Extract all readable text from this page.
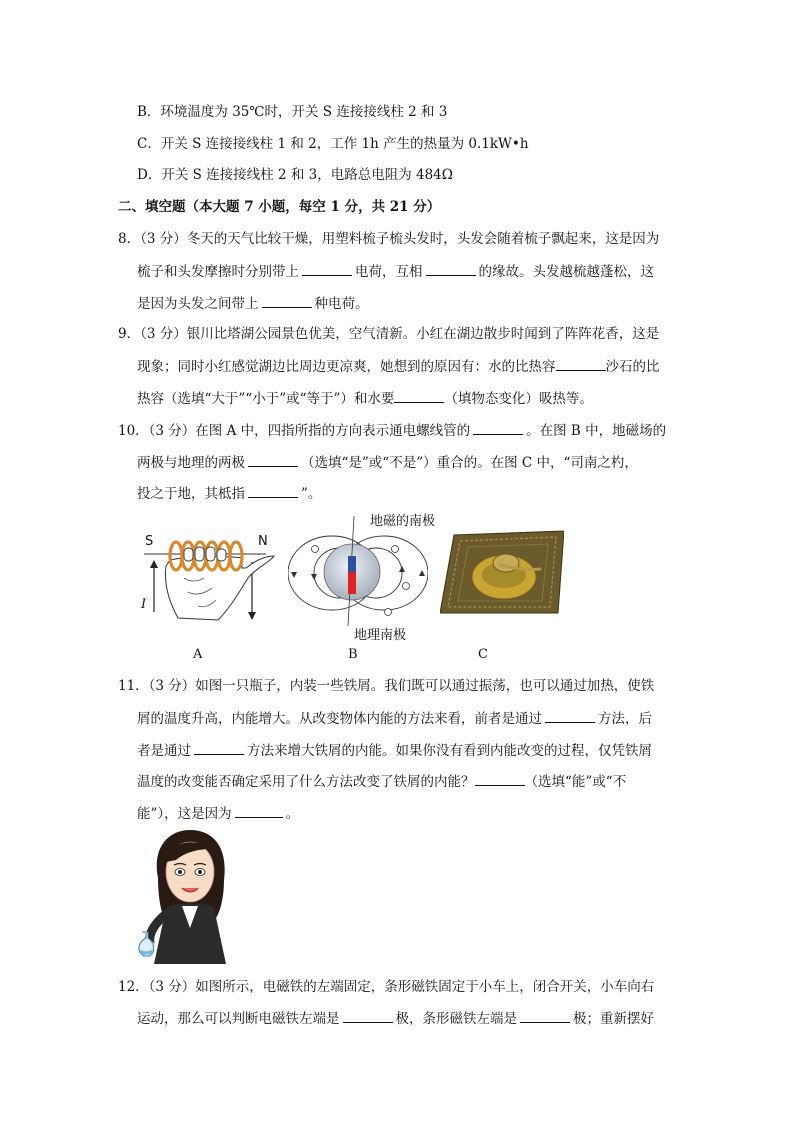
B．环境温度为 35℃时，开关 S 连接接线柱 2 和 3
C．开关 S 连接接线柱 1 和 2，工作 1h 产生的热量为 0.1kW•h
D．开关 S 连接接线柱 2 和 3，电路总电阻为 484Ω
二、填空题（本大题 7 小题，每空 1 分，共 21 分）
8．（3 分）冬天的天气比较干燥，用塑料梳子梳头发时，头发会随着梳子飘起来，这是因为
梳子和头发摩擦时分别带上	电荷，互相	的缘故。头发越梳越蓬松，这
是因为头发之间带上	种电荷。
9．（3 分）银川比塔湖公园景色优美，空气清新。小红在湖边散步时闻到了阵阵花香，这是
现象；同时小红感觉湖边比周边更凉爽，她想到的原因有：水的比热容	沙石的比
热容（选填“大于”“小于”或“等于”）和水要	（填物态变化）吸热等。
10．（3 分）在图 A 中，四指所指的方向表示通电螺线管的	。在图 B 中，地磁场的
两极与地理的两极	（选填“是”或“不是”）重合的。在图 C 中，“司南之杓，
投之于地，其柢指	”。
S	N
I
A
地磁的南极
地理南极
B	C
11．（3 分）如图一只瓶子，内装一些铁屑。我们既可以通过振荡，也可以通过加热，使铁
屑的温度升高，内能增大。从改变物体内能的方法来看，前者是通过	方法，后
者是通过	方法来增大铁屑的内能。如果你没有看到内能改变的过程，仅凭铁屑
温度的改变能否确定采用了什么方法改变了铁屑的内能？	（选填“能”或“不
能”），这是因为	。
12．（3 分）如图所示，电磁铁的左端固定，条形磁铁固定于小车上，闭合开关，小车向右
运动，那么可以判断电磁铁左端是	极，条形磁铁左端是	极；重新摆好
